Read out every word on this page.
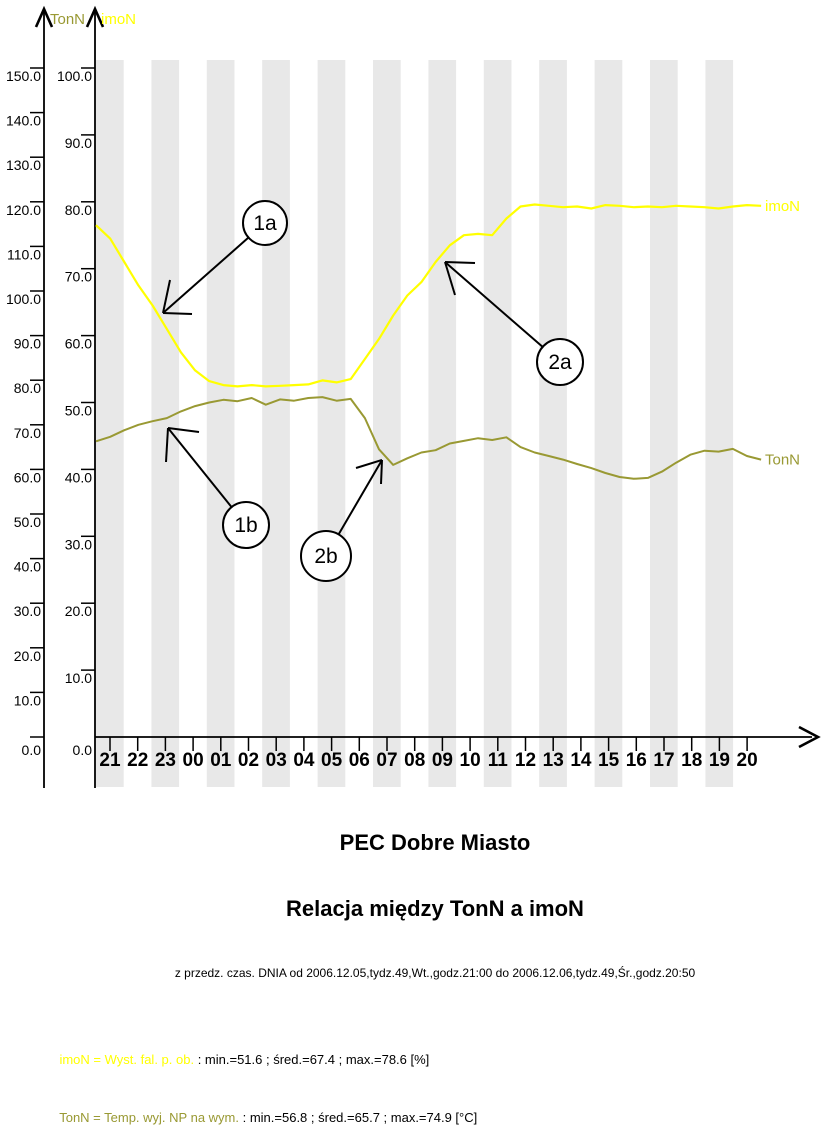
TonN imoN
150.0
140.0
130.0
120.0
110.0
100.0
90.0
80.0
70.0
60.0
50.0
40.0
30.0
20.0
10.0
0.0
100.0
90.0
80.0
70.0
60.0
50.0
40.0
30.0
20.0
10.0
0.0 21 22 23 00 01 02 03 04 05 06 07 08 09 10 11 12 13 14 15 16 17 18 19 20
TonN
imoN
1a
2a
1b
2b
PEC Dobre Miasto
Relacja między TonN a imoN
z przedz. czas. DNIA od 2006.12.05,tydz.49,Wt.,godz.21:00 do 2006.12.06,tydz.49,Śr.,godz.20:50

imoN = Wyst. fal. p. ob. : min.=51.6 ; śred.=67.4 ; max.=78.6 [%]

TonN = Temp. wyj. NP na wym. : min.=56.8 ; śred.=65.7 ; max.=74.9 [°C]
